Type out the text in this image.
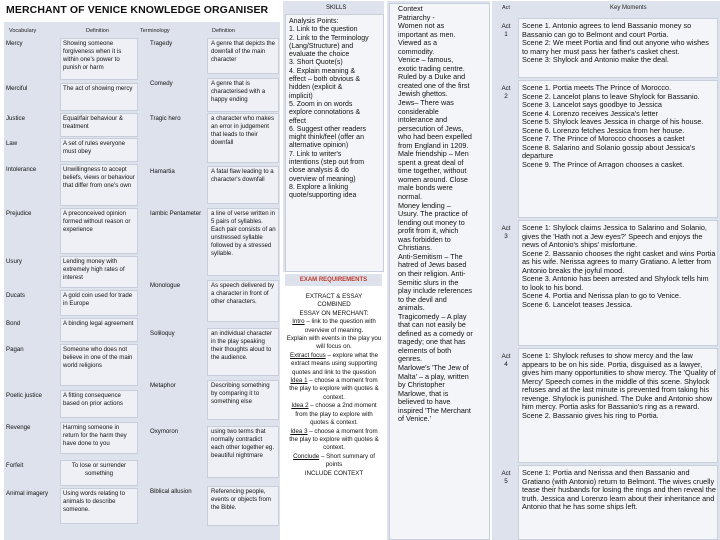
MERCHANT OF VENICE KNOWLEDGE ORGANISER
Vocabulary	Definition	Terminology	Definition
Mercy	Showing someone forgiveness when it is within one's power to punish or harm
Merciful	The act of showing mercy
Justice	Equal/fair behaviour & treatment
Law	A set of rules everyone must obey
Intolerance	Unwillingness to accept beliefs, views or behaviour that differ from one's own
Prejudice	A preconceived opinion formed without reason or experience
Usury	Lending money with extremely high rates of interest
Ducats	A gold coin used for trade in Europe
Bond	A binding legal agreement
Pagan	Someone who does not believe in one of the main world religions
Poetic justice	A fitting consequence based on prior actions
Revenge	Harming someone in return for the harm they have done to you
Forfeit	To lose or surrender something
Animal imagery	Using words relating to animals to describe someone.
Tragedy	A genre that depicts the downfall of the main character
Comedy	A genre that is characterised with a happy ending
Tragic hero	a character who makes an error in judgement that leads to their downfall
Hamartia	A fatal flaw leading to a character's downfall
Iambic Pentameter a line of verse written in 5 pairs of syllables. Each pair consists of an unstressed syllable followed by a stressed syllable.
Monologue	As speech delivered by a character in front of other characters.
Soliloquy	an individual character in the play speaking their thoughts aloud to the audience.
Metaphor	Describing something by comparing it to something else
Oxymoron	using two terms that normally contradict each other together eg. beautiful nightmare
Biblical allusion	Referencing people, events or objects from the Bible.
SKILLS
Analysis Points:
1. Link to the question
2. Link to the Terminology
(Lang/Structure) and
evaluate the choice
3. Short Quote(s)
4. Explain meaning &
effect – both obvious &
hidden (explicit &
implicit)
5. Zoom in on words
explore connotations &
effect
6. Suggest other readers
might think/feel (offer an
alternative opinion)
7. Link to writer's
intentions (step out from
close analysis & do
overview of meaning)
8. Explore a linking
quote/supporting idea
EXAM REQUIREMENTS
EXTRACT & ESSAY
COMBINED
ESSAY ON MERCHANT:
Intro – link to the question with overview of meaning.
Explain with events in the play you will focus on.
Extract focus – explore what the extract means using supporting quotes and link to the question
Idea 1 – choose a moment from the play to explore with quotes & context.
Idea 2 – choose a 2nd moment from the play to explore with quotes & context.
Idea 3 – choose a moment from the play to explore with quotes & context.
Conclude – Short summary of points
INCLUDE CONTEXT
Context
Patriarchy -
Women not as
important as men.
Viewed as a
commodity.
Venice – famous,
exotic trading centre.
Ruled by a Duke and
created one of the first
Jewish ghettos.
Jews– There was
considerable
intolerance and
persecution of Jews,
who had been expelled
from England in 1209.
Male friendship – Men
spent a great deal of
time together, without
women around. Close
male bonds were
normal.
Money lending –
Usury. The practice of
lending out money to
profit from it, which
was forbidden to
Christians.
Anti-Semitism – The
hatred of Jews based
on their religion. Anti-
Semitic slurs in the
play include references
to the devil and
animals.
Tragicomedy – A play
that can not easily be
defined as a comedy or
tragedy; one that has
elements of both
genres.
Marlowe's 'The Jew of
Malta' – a play, written
by Christopher
Marlowe, that is
believed to have
inspired 'The Merchant
of Venice.'
Act	Key Moments
Act
1
Scene 1. Antonio agrees to lend Bassanio money so Bassanio can go to Belmont and court Portia.
Scene 2: We meet Portia and find out anyone who wishes to marry her must pass her father's casket chest.
Scene 3: Shylock and Antonio make the deal.
Act
2
Scene 1. Portia meets The Prince of Morocco.
Scene 2. Lancelot plans to leave Shylock for Bassanio.
Scene 3. Lancelot says goodbye to Jessica
Scene 4. Lorenzo receives Jessica's letter
Scene 5. Shylock leaves Jessica in charge of his house.
Scene 6. Lorenzo fetches Jessica from her house.
Scene 7. The Prince of Morocco chooses a casket
Scene 8. Salarino and Solanio gossip about Jessica's departure
Scene 9. The Prince of Arragon chooses a casket.
Act
3
Scene 1: Shylock claims Jessica to Salarino and Solanio, gives the 'Hath not a Jew eyes?' Speech and enjoys the news of Antonio's ships' misfortune.
Scene 2. Bassanio chooses the right casket and wins Portia as his wife. Nerissa agrees to marry Gratiano. A letter from Antonio breaks the joyful mood.
Scene 3. Antonio has been arrested and Shylock tells him to look to his bond.
Scene 4. Portia and Nerissa plan to go to Venice.
Scene 6. Lancelot teases Jessica.
Act
4
Scene 1: Shylock refuses to show mercy and the law appears to be on his side. Portia, disguised as a lawyer, gives him many opportunities to show mercy. The 'Quality of Mercy' Speech comes in the middle of this scene. Shylock refuses and at the last minute is prevented from taking his revenge. Shylock is punished. The Duke and Antonio show him mercy. Portia asks for Bassanio's ring as a reward.
Scene 2. Bassanio gives his ring to Portia.
Act
5
Scene 1: Portia and Nerissa and then Bassanio and Gratiano (with Antonio) return to Belmont. The wives cruelly tease their husbands for losing the rings and then reveal the truth. Jessica and Lorenzo learn about their inheritance and Antonio that he has some ships left.
